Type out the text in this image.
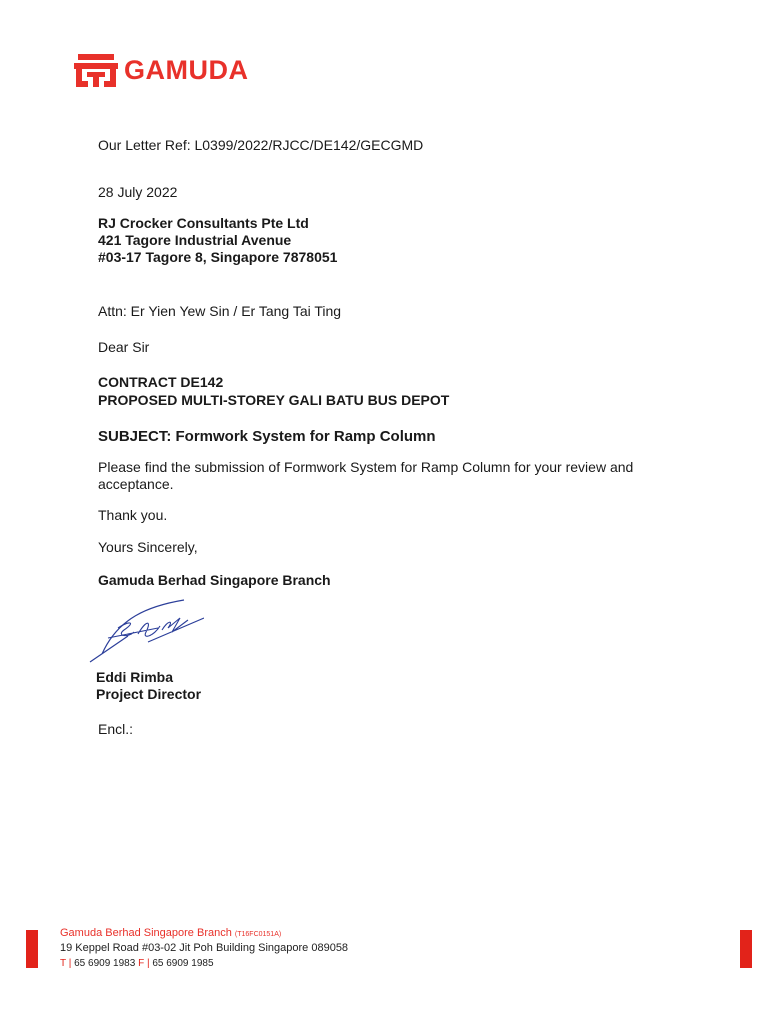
GAMUDA
Our Letter Ref: L0399/2022/RJCC/DE142/GECGMD
28 July 2022
RJ Crocker Consultants Pte Ltd
421 Tagore Industrial Avenue
#03-17 Tagore 8, Singapore 7878051
Attn: Er Yien Yew Sin / Er Tang Tai Ting
Dear Sir
CONTRACT DE142
PROPOSED MULTI-STOREY GALI BATU BUS DEPOT
SUBJECT: Formwork System for Ramp Column
Please find the submission of Formwork System for Ramp Column for your review and acceptance.
Thank you.
Yours Sincerely,
Gamuda Berhad Singapore Branch
Eddi Rimba
Project Director
Encl.:
Gamuda Berhad Singapore Branch (T16FC0151A)
19 Keppel Road #03-02 Jit Poh Building Singapore 089058
T | 65 6909 1983 F | 65 6909 1985
